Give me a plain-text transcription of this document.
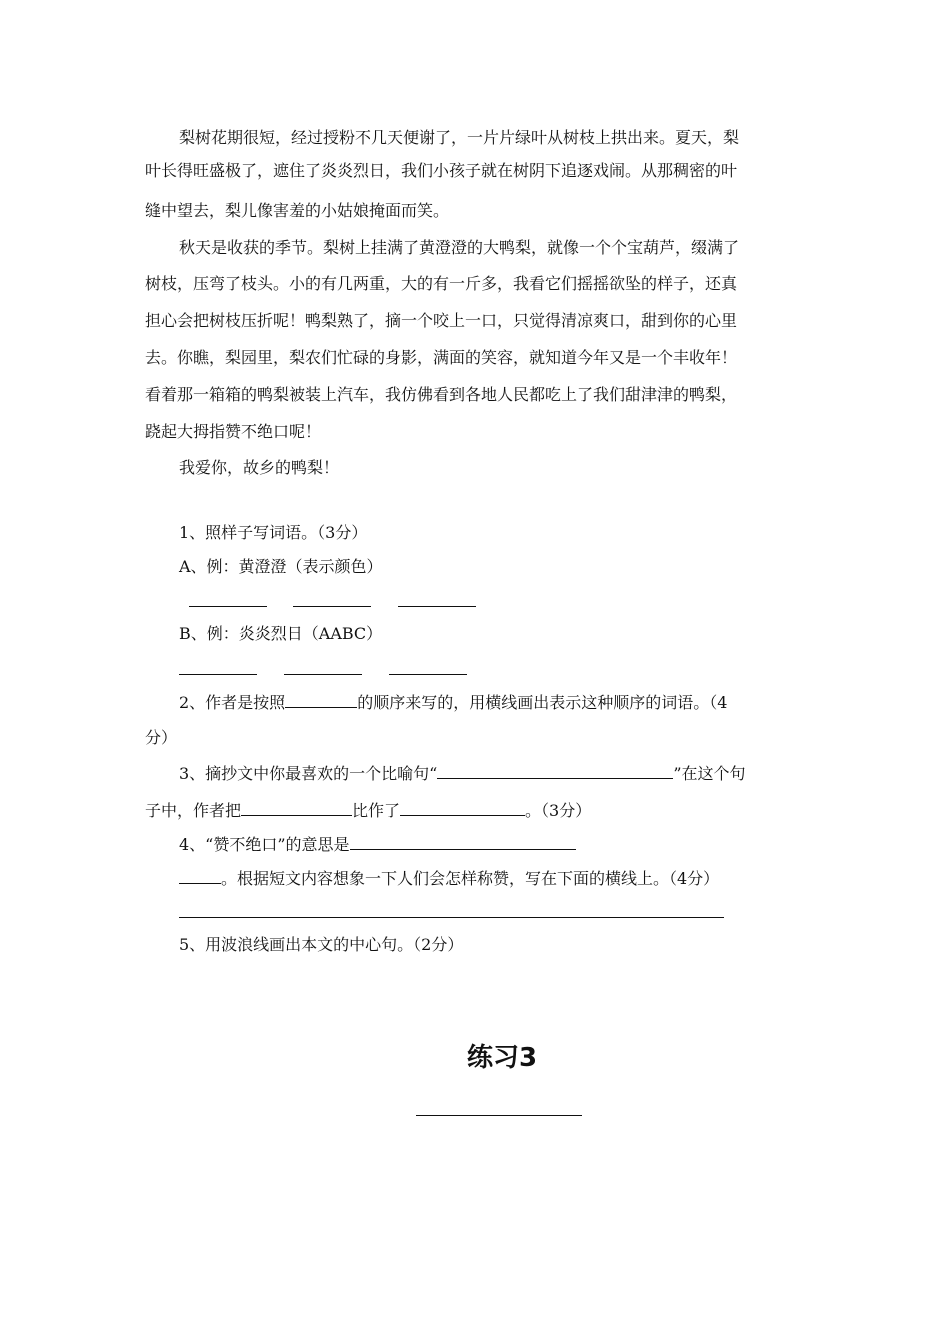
梨树花期很短，经过授粉不几天便谢了，一片片绿叶从树枝上拱出来。夏天，梨
叶长得旺盛极了，遮住了炎炎烈日，我们小孩子就在树阴下追逐戏闹。从那稠密的叶
缝中望去，梨儿像害羞的小姑娘掩面而笑。
秋天是收获的季节。梨树上挂满了黄澄澄的大鸭梨，就像一个个宝葫芦，缀满了
树枝，压弯了枝头。小的有几两重，大的有一斤多，我看它们摇摇欲坠的样子，还真
担心会把树枝压折呢！鸭梨熟了，摘一个咬上一口，只觉得清凉爽口，甜到你的心里
去。你瞧，梨园里，梨农们忙碌的身影，满面的笑容，就知道今年又是一个丰收年！
看着那一箱箱的鸭梨被装上汽车，我仿佛看到各地人民都吃上了我们甜津津的鸭梨，
跷起大拇指赞不绝口呢！
我爱你，故乡的鸭梨！
1、照样子写词语。（3分）
A、例：黄澄澄（表示颜色）
B、例：炎炎烈日（AABC）
2、作者是按照	的顺序来写的，用横线画出表示这种顺序的词语。（4
分）
3、摘抄文中你最喜欢的一个比喻句“	”在这个句
子中，作者把	比作了	。（3分）
4、“赞不绝口”的意思是
。根据短文内容想象一下人们会怎样称赞，写在下面的横线上。（4分）
5、用波浪线画出本文的中心句。（2分）
练习3
